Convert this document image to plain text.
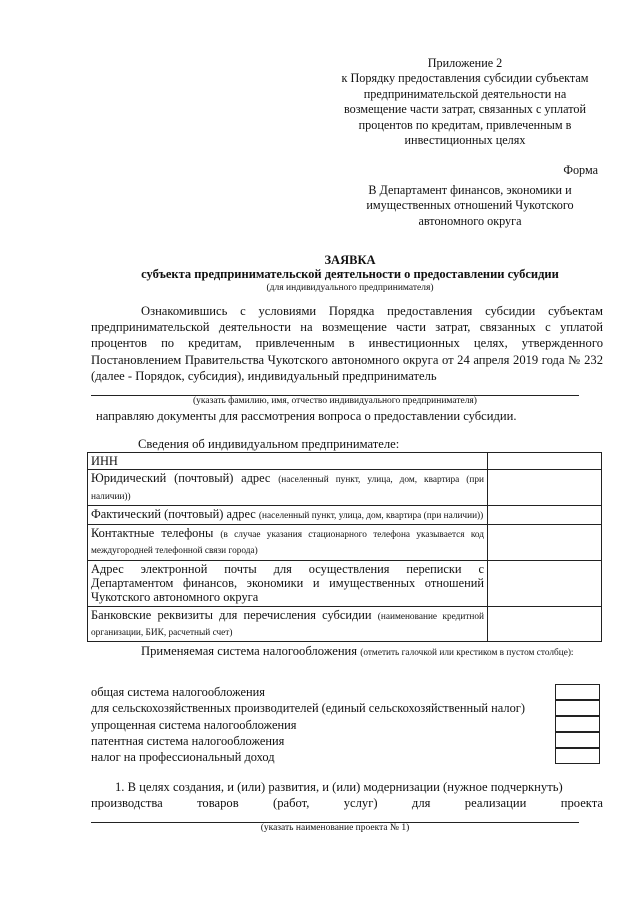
Приложение 2
к Порядку предоставления субсидии субъектам
предпринимательской деятельности на
возмещение части затрат, связанных с уплатой
процентов по кредитам, привлеченным в
инвестиционных целях
Форма
В Департамент финансов, экономики и
имущественных отношений Чукотского
автономного округа
ЗАЯВКА
субъекта предпринимательской деятельности о предоставлении субсидии
(для индивидуального предпринимателя)

Ознакомившись с условиями Порядка предоставления субсидии субъектам предпринимательской деятельности на возмещение части затрат, связанных с уплатой процентов по кредитам, привлеченным в инвестиционных целях, утвержденного Постановлением Правительства Чукотского автономного округа от 24 апреля 2019 года № 232 (далее - Порядок, субсидия), индивидуальный предприниматель

(указать фамилию, имя, отчество индивидуального предпринимателя)
направляю документы для рассмотрения вопроса о предоставлении субсидии.
Сведения об индивидуальном предпринимателе:
ИНН	
Юридический (почтовый) адрес (населенный пункт, улица, дом, квартира (при наличии))	
Фактический (почтовый) адрес (населенный пункт, улица, дом, квартира (при наличии))	
Контактные телефоны (в случае указания стационарного телефона указывается код междугородней телефонной связи города)	
Адрес электронной почты для осуществления переписки с Департаментом финансов, экономики и имущественных отношений Чукотского автономного округа	
Банковские реквизиты для перечисления субсидии (наименование кредитной организации, БИК, расчетный счет)	

Применяемая система налогообложения (отметить галочкой или крестиком в пустом столбце):

общая система налогообложения
для сельскохозяйственных производителей (единый сельскохозяйственный налог)
упрощенная система налогообложения
патентная система налогообложения
налог на профессиональный доход

1. В целях создания, и (или) развития, и (или) модернизации (нужное подчеркнуть)

производства товаров (работ, услуг) для реализации проекта
(указать наименование проекта № 1)
